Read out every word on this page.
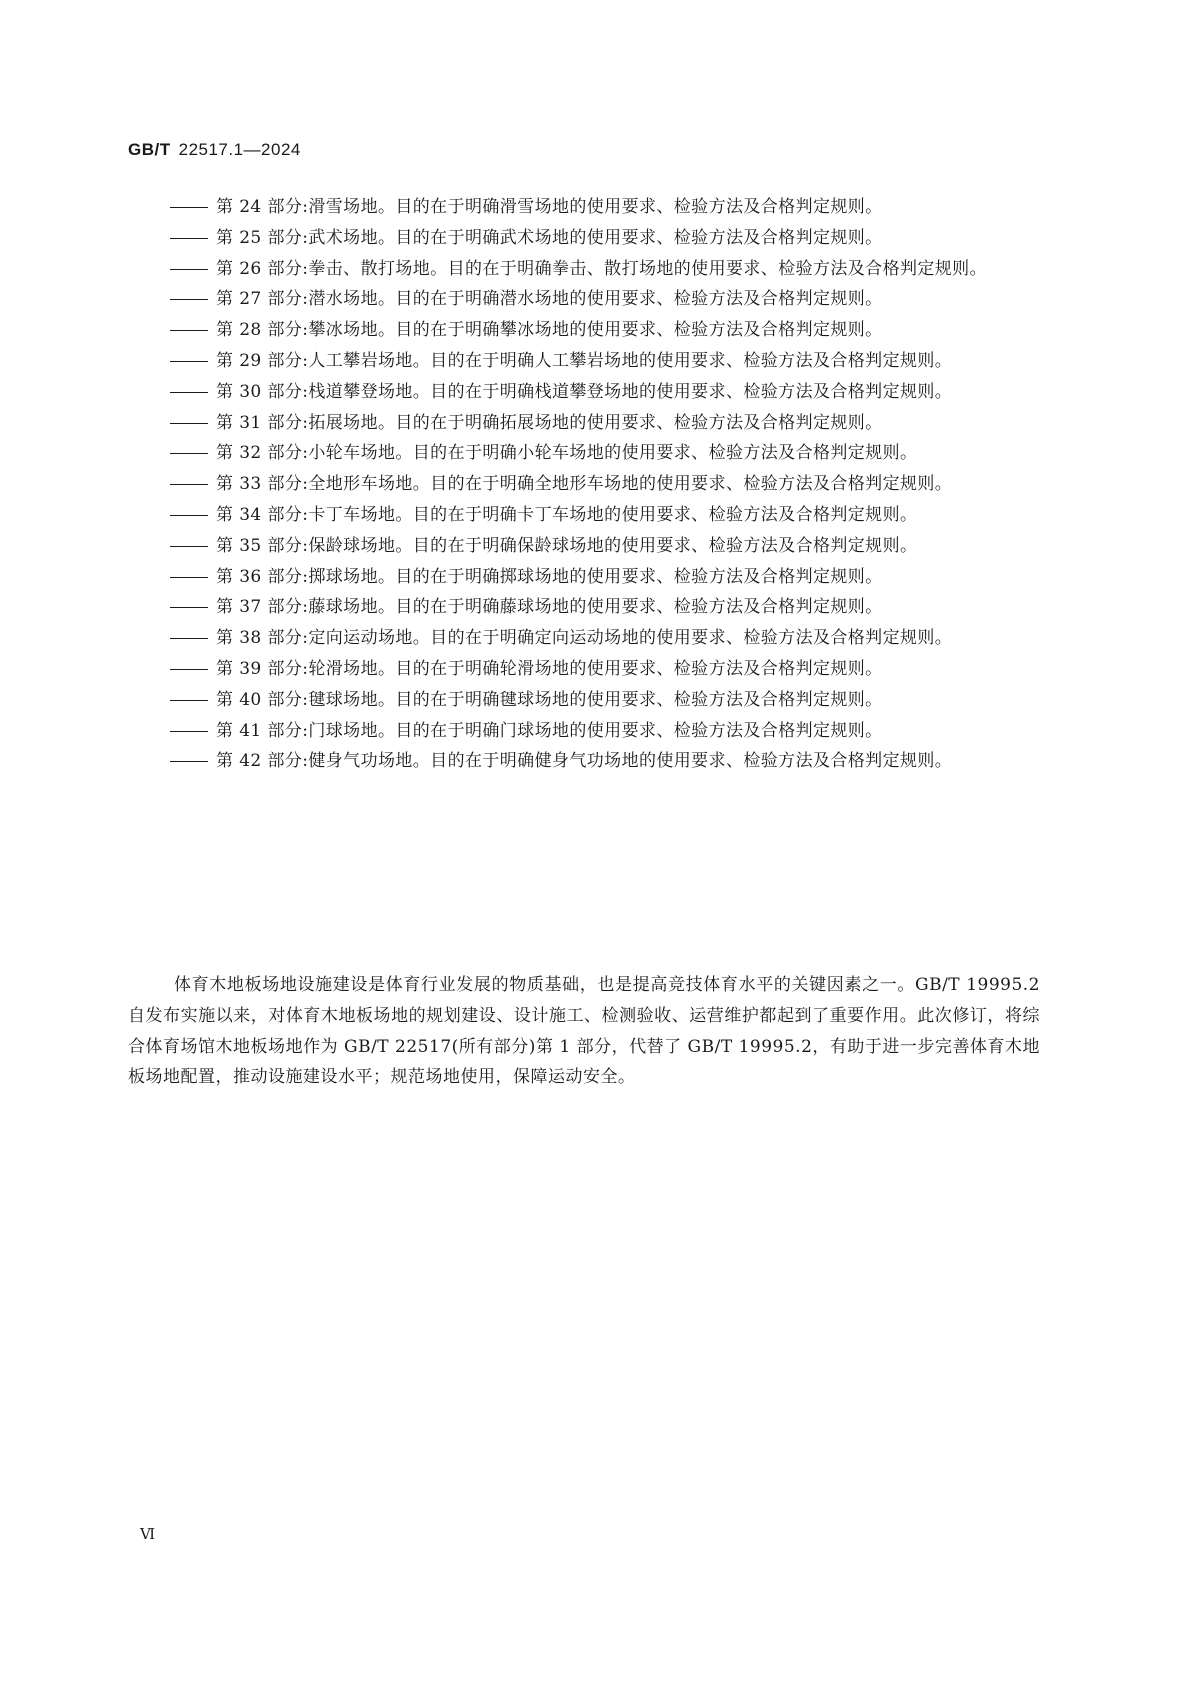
GB/T 22517.1—2024
第 24 部分:滑雪场地。目的在于明确滑雪场地的使用要求、检验方法及合格判定规则。
第 25 部分:武术场地。目的在于明确武术场地的使用要求、检验方法及合格判定规则。
第 26 部分:拳击、散打场地。目的在于明确拳击、散打场地的使用要求、检验方法及合格判定规则。
第 27 部分:潜水场地。目的在于明确潜水场地的使用要求、检验方法及合格判定规则。
第 28 部分:攀冰场地。目的在于明确攀冰场地的使用要求、检验方法及合格判定规则。
第 29 部分:人工攀岩场地。目的在于明确人工攀岩场地的使用要求、检验方法及合格判定规则。
第 30 部分:栈道攀登场地。目的在于明确栈道攀登场地的使用要求、检验方法及合格判定规则。
第 31 部分:拓展场地。目的在于明确拓展场地的使用要求、检验方法及合格判定规则。
第 32 部分:小轮车场地。目的在于明确小轮车场地的使用要求、检验方法及合格判定规则。
第 33 部分:全地形车场地。目的在于明确全地形车场地的使用要求、检验方法及合格判定规则。
第 34 部分:卡丁车场地。目的在于明确卡丁车场地的使用要求、检验方法及合格判定规则。
第 35 部分:保龄球场地。目的在于明确保龄球场地的使用要求、检验方法及合格判定规则。
第 36 部分:掷球场地。目的在于明确掷球场地的使用要求、检验方法及合格判定规则。
第 37 部分:藤球场地。目的在于明确藤球场地的使用要求、检验方法及合格判定规则。
第 38 部分:定向运动场地。目的在于明确定向运动场地的使用要求、检验方法及合格判定规则。
第 39 部分:轮滑场地。目的在于明确轮滑场地的使用要求、检验方法及合格判定规则。
第 40 部分:毽球场地。目的在于明确毽球场地的使用要求、检验方法及合格判定规则。
第 41 部分:门球场地。目的在于明确门球场地的使用要求、检验方法及合格判定规则。
第 42 部分:健身气功场地。目的在于明确健身气功场地的使用要求、检验方法及合格判定规则。

体育木地板场地设施建设是体育行业发展的物质基础，也是提高竞技体育水平的关键因素之一。GB/T 19995.2 自发布实施以来，对体育木地板场地的规划建设、设计施工、检测验收、运营维护都起到了重要作用。此次修订，将综合体育场馆木地板场地作为 GB/T 22517(所有部分)第 1 部分，代替了 GB/T 19995.2，有助于进一步完善体育木地板场地配置，推动设施建设水平；规范场地使用，保障运动安全。

Ⅵ
